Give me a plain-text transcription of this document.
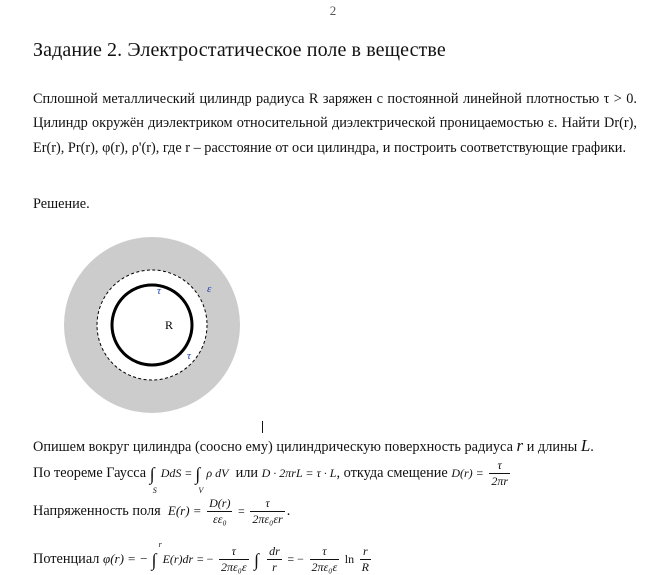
2
Задание 2. Электростатическое поле в веществе
Сплошной металлический цилиндр радиуса R заряжен с постоянной линейной плотностью τ > 0. Цилиндр окружён диэлектриком относительной диэлектрической проницаемостью ε. Найти Dr(r), Er(r), Pr(r), φ(r), ρ'(r), где r – расстояние от оси цилиндра, и построить соответствующие графики.
Решение.
τ	ε
R
τ
Опишем вокруг цилиндра (соосно ему) цилиндрическую поверхность радиуса r и длины L.
По теореме Гаусса ∫
S
DdS = ∫
V
ρ dV или D · 2πrL = τ · L, откуда смещение $D(r) = \frac{\tau}{2\pi r}$
Напряженность поля $E(r) = \frac{D(r)}{\text{εε₀}} = \frac{\tau}{\text{2πε₀εr}}$ .
Потенциал φ(r) = − ∫
r
E(r)dr = − $\frac{\tau}{\text{2πε₀ε}}$ ∫ $\frac{dr}{r}$ = − $\frac{\tau}{\text{2πε₀ε}}$ $\ln \frac{r}{R}$
